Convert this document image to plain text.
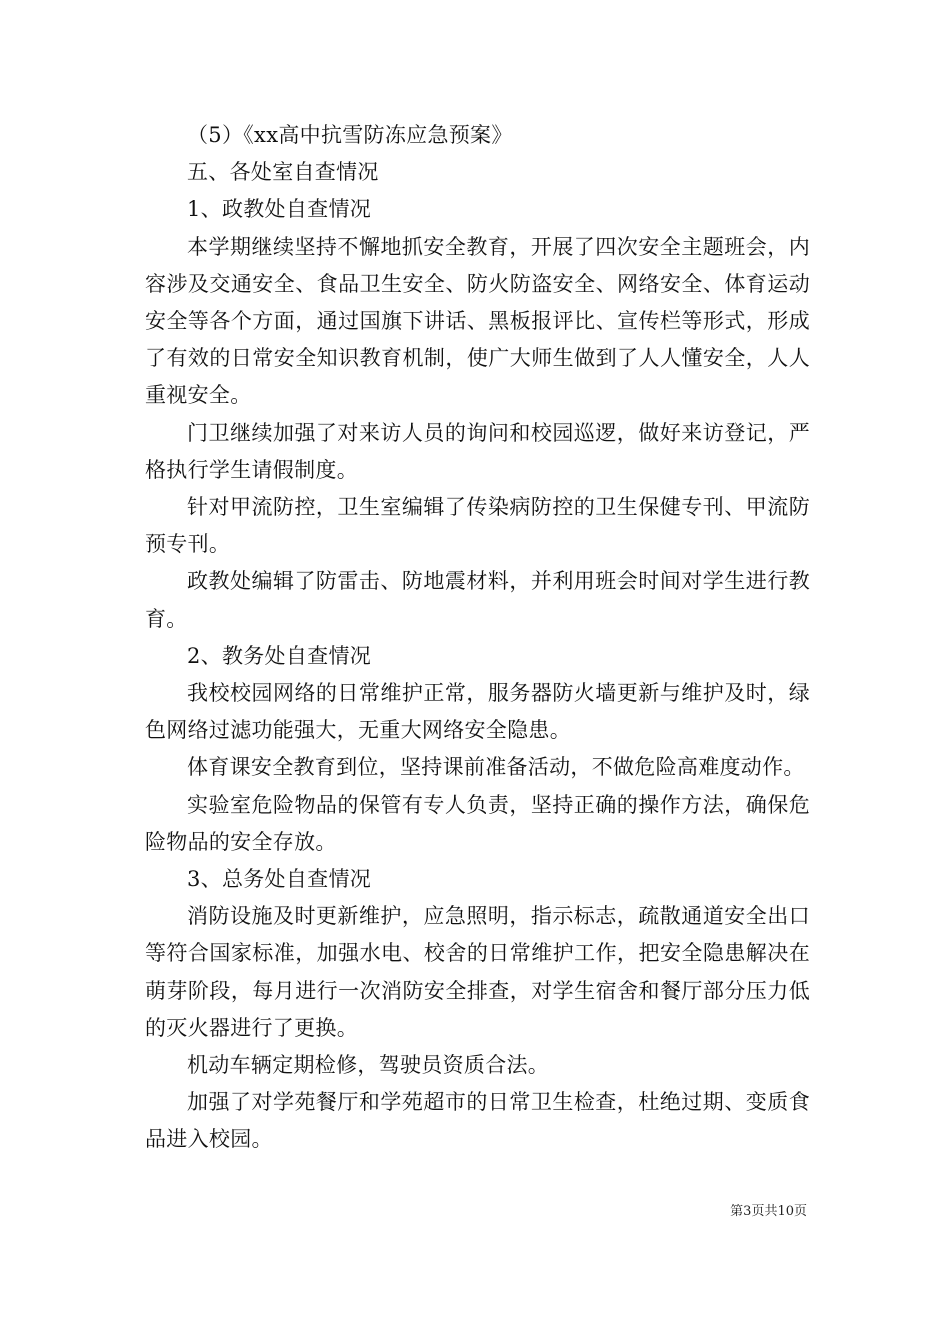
（5）《xx高中抗雪防冻应急预案》

五、各处室自查情况

1、政教处自查情况

本学期继续坚持不懈地抓安全教育，开展了四次安全主题班会，内容涉及交通安全、食品卫生安全、防火防盗安全、网络安全、体育运动安全等各个方面，通过国旗下讲话、黑板报评比、宣传栏等形式，形成了有效的日常安全知识教育机制，使广大师生做到了人人懂安全，人人重视安全。

门卫继续加强了对来访人员的询问和校园巡逻，做好来访登记，严格执行学生请假制度。

针对甲流防控，卫生室编辑了传染病防控的卫生保健专刊、甲流防预专刊。

政教处编辑了防雷击、防地震材料，并利用班会时间对学生进行教育。

2、教务处自查情况

我校校园网络的日常维护正常，服务器防火墙更新与维护及时，绿色网络过滤功能强大，无重大网络安全隐患。

体育课安全教育到位，坚持课前准备活动，不做危险高难度动作。

实验室危险物品的保管有专人负责，坚持正确的操作方法，确保危险物品的安全存放。

3、总务处自查情况

消防设施及时更新维护，应急照明，指示标志，疏散通道安全出口等符合国家标准，加强水电、校舍的日常维护工作，把安全隐患解决在萌芽阶段，每月进行一次消防安全排查，对学生宿舍和餐厅部分压力低的灭火器进行了更换。

机动车辆定期检修，驾驶员资质合法。

加强了对学苑餐厅和学苑超市的日常卫生检查，杜绝过期、变质食品进入校园。

第3页共10页
